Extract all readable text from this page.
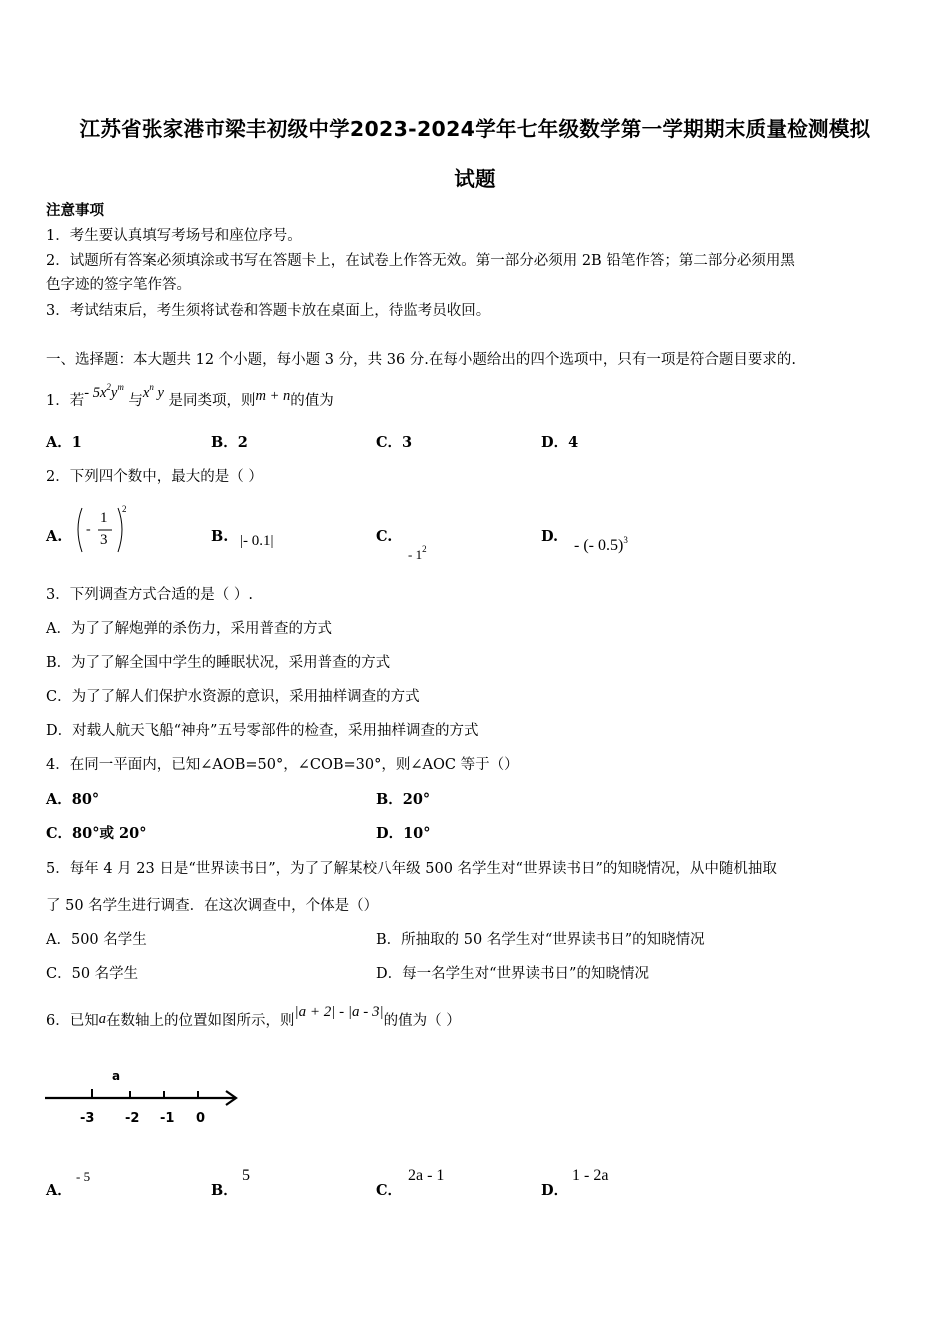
江苏省张家港市梁丰初级中学2023-2024学年七年级数学第一学期期末质量检测模拟
试题
注意事项
1．考生要认真填写考场号和座位序号。
2．试题所有答案必须填涂或书写在答题卡上，在试卷上作答无效。第一部分必须用 2B 铅笔作答；第二部分必须用黑
色字迹的签字笔作答。
3．考试结束后，考生须将试卷和答题卡放在桌面上，待监考员收回。
一、选择题：本大题共 12 个小题，每小题 3 分，共 36 分.在每小题给出的四个选项中，只有一项是符合题目要求的.
1．若- $5x^2y^m$ 与$x^n$ y 是同类项，则m + n的值为
A．1	B．2	C．3	D．4
2．下列四个数中，最大的是（ ）
A. -
1
3
2
B. |- 0.1|	C.
- $1^2$
D.
- (- 0.5)$^3$
3．下列调查方式合适的是（ ）.
A．为了了解炮弹的杀伤力，采用普查的方式
B．为了了解全国中学生的睡眠状况，采用普查的方式
C．为了了解人们保护水资源的意识，采用抽样调查的方式
D．对载人航天飞船“神舟”五号零部件的检查，采用抽样调查的方式
4．在同一平面内，已知∠AOB=50°，∠COB=30°，则∠AOC 等于（）
A．80°	B．20°
C．80°或 20°	D．10°
5．每年 4 月 23 日是“世界读书日”，为了了解某校八年级 500 名学生对“世界读书日”的知晓情况，从中随机抽取
了 50 名学生进行调查．在这次调查中，个体是（）
A．500 名学生	B．所抽取的 50 名学生对“世界读书日”的知晓情况
C．50 名学生	D．每一名学生对“世界读书日”的知晓情况
6．已知a在数轴上的位置如图所示，则|a + 2| - |a - 3|的值为（ ）
a
-3 -2 -1 0
A．
- 5
B．
5
C．
2a - 1
D．
1 - 2a
